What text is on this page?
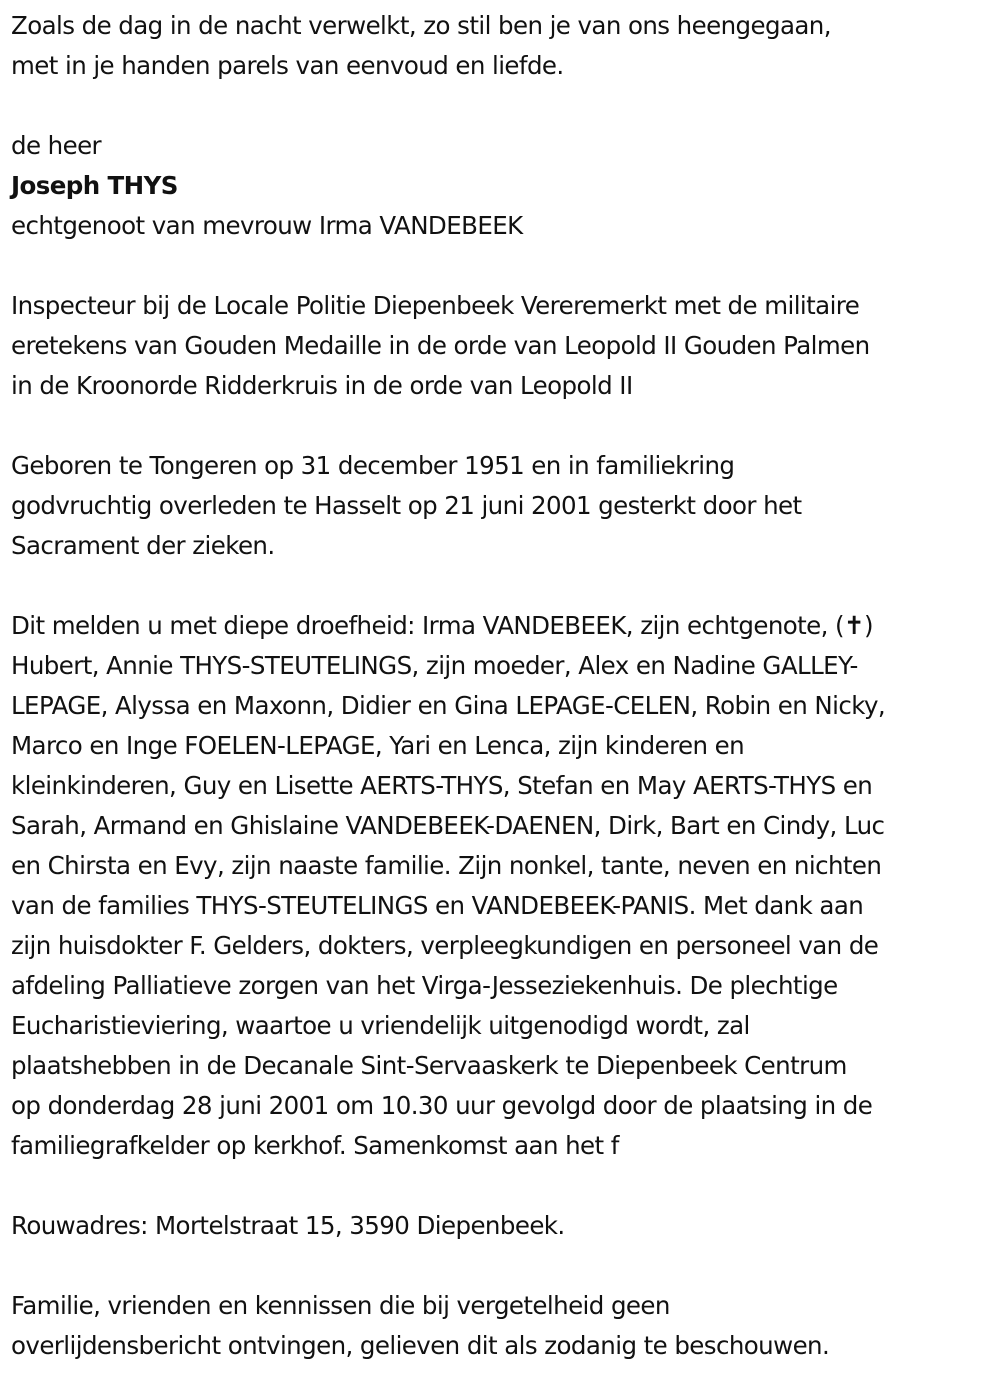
Zoals de dag in de nacht verwelkt, zo stil ben je van ons heengegaan,
met in je handen parels van eenvoud en liefde.
de heer
Joseph THYS
echtgenoot van mevrouw Irma VANDEBEEK
Inspecteur bij de Locale Politie Diepenbeek Vereremerkt met de militaire
eretekens van Gouden Medaille in de orde van Leopold II Gouden Palmen
in de Kroonorde Ridderkruis in de orde van Leopold II
Geboren te Tongeren op 31 december 1951 en in familiekring
godvruchtig overleden te Hasselt op 21 juni 2001 gesterkt door het
Sacrament der zieken.
Dit melden u met diepe droefheid: Irma VANDEBEEK, zijn echtgenote, (✝)
Hubert, Annie THYS-STEUTELINGS, zijn moeder, Alex en Nadine GALLEY-
LEPAGE, Alyssa en Maxonn, Didier en Gina LEPAGE-CELEN, Robin en Nicky,
Marco en Inge FOELEN-LEPAGE, Yari en Lenca, zijn kinderen en
kleinkinderen, Guy en Lisette AERTS-THYS, Stefan en May AERTS-THYS en
Sarah, Armand en Ghislaine VANDEBEEK-DAENEN, Dirk, Bart en Cindy, Luc
en Chirsta en Evy, zijn naaste familie. Zijn nonkel, tante, neven en nichten
van de families THYS-STEUTELINGS en VANDEBEEK-PANIS. Met dank aan
zijn huisdokter F. Gelders, dokters, verpleegkundigen en personeel van de
afdeling Palliatieve zorgen van het Virga-Jesseziekenhuis. De plechtige
Eucharistieviering, waartoe u vriendelijk uitgenodigd wordt, zal
plaatshebben in de Decanale Sint-Servaaskerk te Diepenbeek Centrum
op donderdag 28 juni 2001 om 10.30 uur gevolgd door de plaatsing in de
familiegrafkelder op kerkhof. Samenkomst aan het f
Rouwadres: Mortelstraat 15, 3590 Diepenbeek.
Familie, vrienden en kennissen die bij vergetelheid geen
overlijdensbericht ontvingen, gelieven dit als zodanig te beschouwen.
